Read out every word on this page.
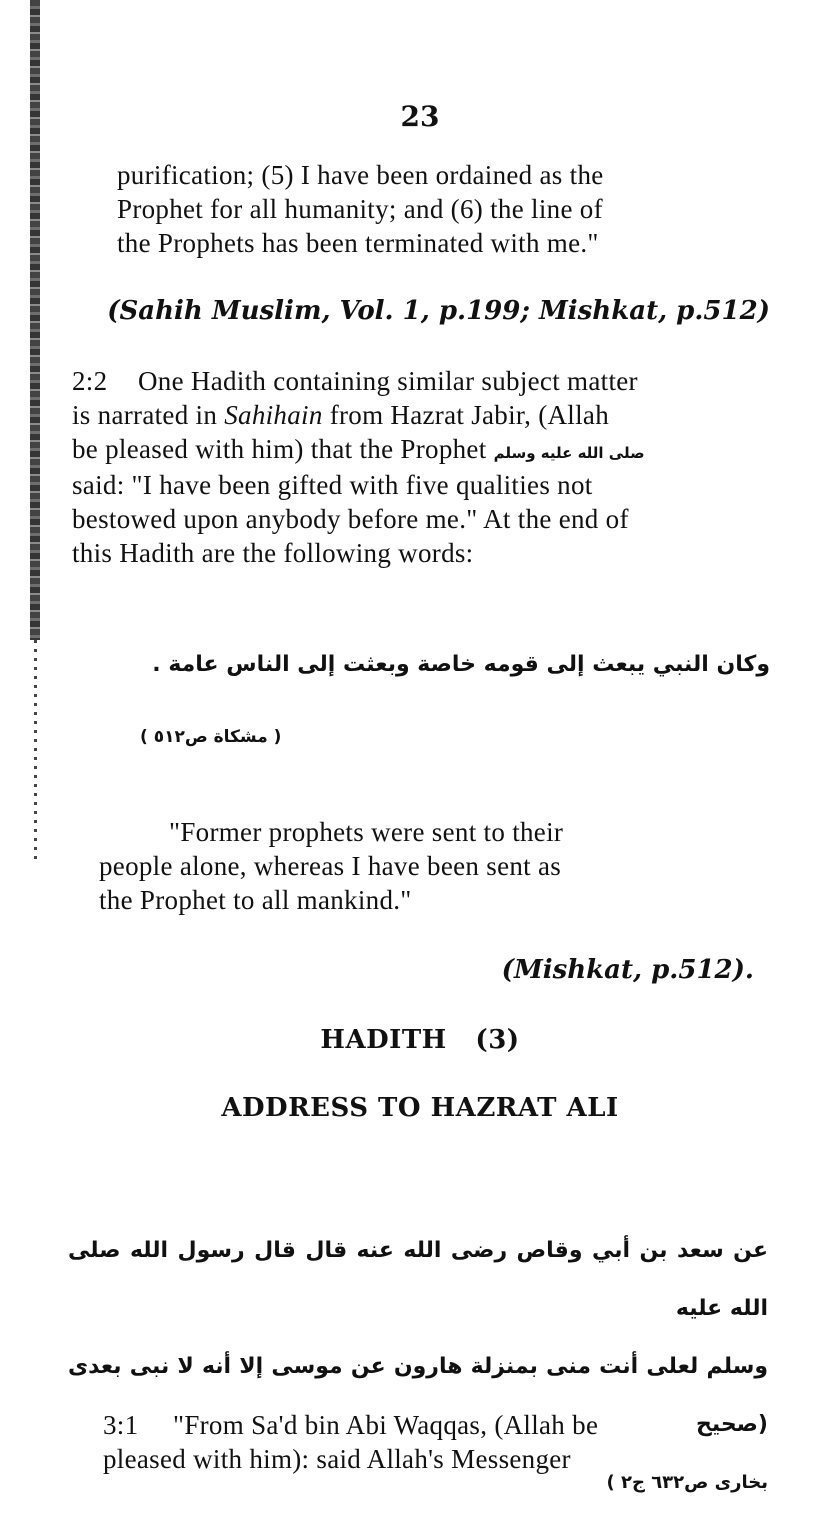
23
purification; (5) I have been ordained as the
Prophet for all humanity; and (6) the line of
the Prophets has been terminated with me."
(Sahih Muslim, Vol. 1, p.199; Mishkat, p.512)
2:2 One Hadith containing similar subject matter
is narrated in Sahihain from Hazrat Jabir, (Allah
be pleased with him) that the Prophet صلى الله عليه وسلم
said: "I have been gifted with five qualities not
bestowed upon anybody before me." At the end of
this Hadith are the following words:
وكان النبي يبعث إلى قومه خاصة وبعثت إلى الناس عامة .
( مشكاة ص٥١٢ )
"Former prophets were sent to their
people alone, whereas I have been sent as
the Prophet to all mankind."
(Mishkat, p.512).
HADITH   (3)
ADDRESS TO HAZRAT ALI
عن سعد بن أبي وقاص رضى الله عنه قال قال رسول الله صلى الله عليه
وسلم لعلى أنت منى بمنزلة هارون عن موسى إلا أنه لا نبى بعدى (صحيح
بخارى ص٦٣٢ ج٢ )
3:1 "From Sa'd bin Abi Waqqas, (Allah be
pleased with him): said Allah's Messenger
